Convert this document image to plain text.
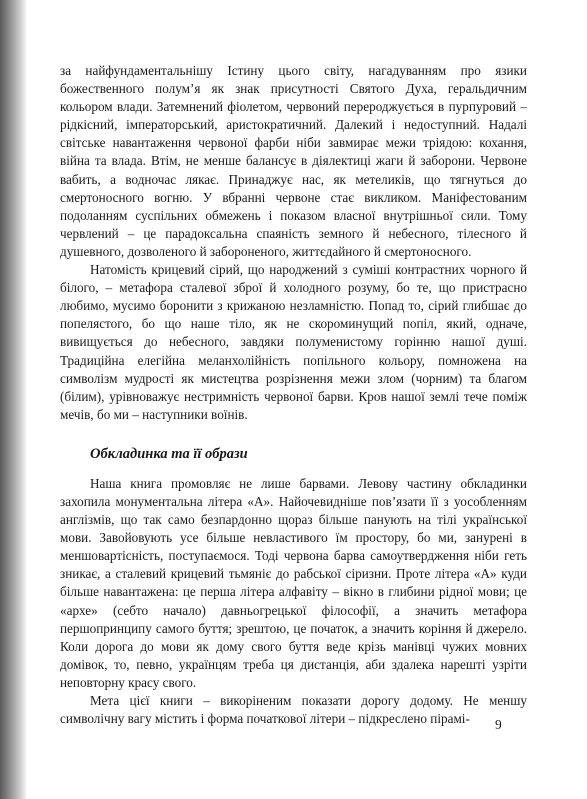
за найфундаментальнішу Істину цього світу, нагадуванням про язики божественного полум’я як знак присутності Святого Духа, геральдичним кольором влади. Затемнений фіолетом, червоний перероджується в пурпуровий – рідкісний, імператорський, аристократичний. Далекий і недоступний. Надалі світське навантаження червоної фарби ніби завмирає межи тріядою: кохання, війна та влада. Втім, не менше балансує в діялектиці жаги й заборони. Червоне вабить, а водночас лякає. Принаджує нас, як метеликів, що тягнуться до смертоносного вогню. У вбранні червоне стає викликом. Маніфестованим подоланням суспільних обмежень і показом власної внутрішньої сили. Тому червлений – це парадоксальна спаяність земного й небесного, тілесного й душевного, дозволеного й забороненого, життєдайного й смертоносного.

Натомість крицевий сірий, що народжений з суміші контрастних чорного й білого, – метафора сталевої зброї й холодного розуму, бо те, що пристрасно любимо, мусимо боронити з крижаною незламністю. Попад то, сірий глибшає до попелястого, бо що наше тіло, як не скороминущий попіл, який, одначе, вивищується до небесного, завдяки полуменистому горінню нашої душі. Традиційна елегійна меланхолійність попільного кольору, помножена на символізм мудрості як мистецтва розрізнення межи злом (чорним) та благом (білим), урівноважує нестримність червоної барви. Кров нашої землі тече поміж мечів, бо ми – наступники воїнів.

Обкладинка та її образи

Наша книга промовляє не лише барвами. Левову частину обкладинки захопила монументальна літера «А». Найочевидніше пов’язати її з уособленням англізмів, що так само безпардонно щораз більше панують на тілі української мови. Завойовують усе більше невластивого їм простору, бо ми, занурені в меншовартісність, поступаємося. Тоді червона барва самоутвердження ніби геть зникає, а сталевий крицевий тьмяніє до рабської сіризни. Проте літера «А» куди більше навантажена: це перша літера алфавіту – вікно в глибини рідної мови; це «архе» (себто начало) давньогрецької філософії, а значить метафора першопринципу самого буття; зрештою, це початок, а значить коріння й джерело. Коли дорога до мови як дому свого буття веде крізь манівці чужих мовних домівок, то, певно, українцям треба ця дистанція, аби здалека нарешті узріти неповторну красу свого.

Мета цієї книги – викоріненим показати дорогу додому. Не меншу символічну вагу містить і форма початкової літери – підкреслено пірамі-	9
